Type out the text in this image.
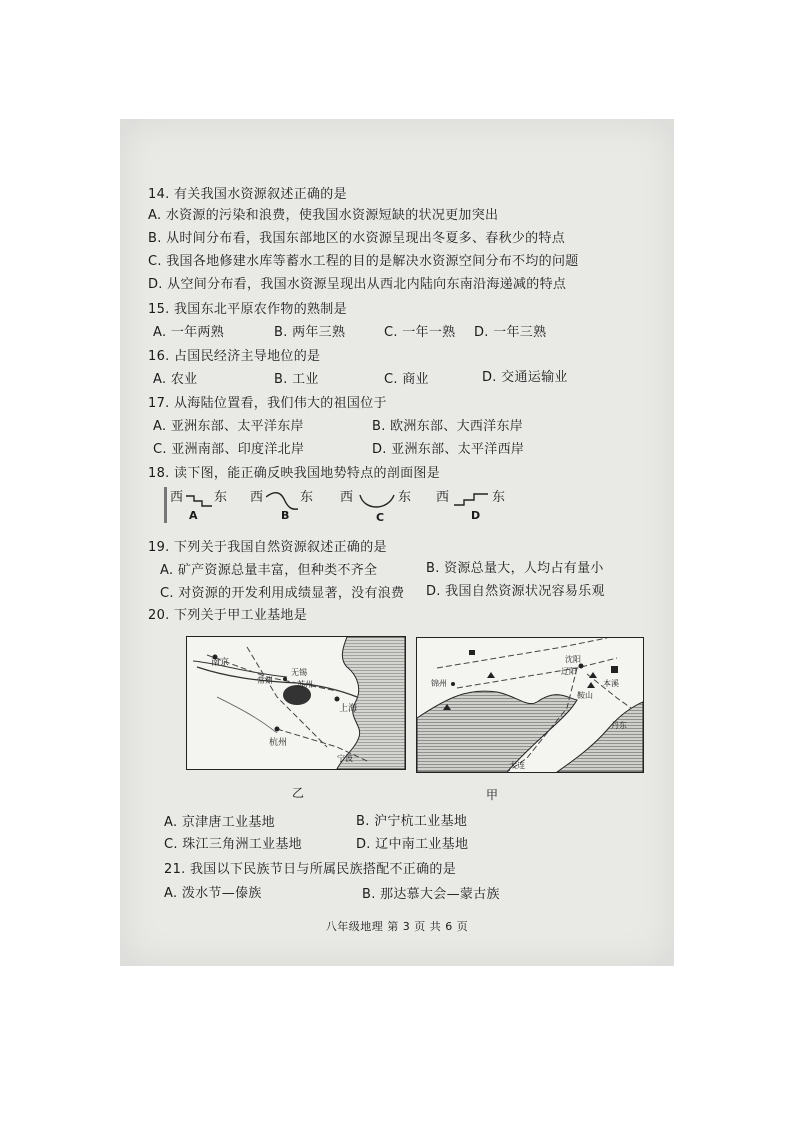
14. 有关我国水资源叙述正确的是
A. 水资源的污染和浪费，使我国水资源短缺的状况更加突出
B. 从时间分布看，我国东部地区的水资源呈现出冬夏多、春秋少的特点
C. 我国各地修建水库等蓄水工程的目的是解决水资源空间分布不均的问题
D. 从空间分布看，我国水资源呈现出从西北内陆向东南沿海递减的特点
15. 我国东北平原农作物的熟制是
A. 一年两熟	B. 两年三熟	C. 一年一熟 D. 一年三熟
16. 占国民经济主导地位的是
A. 农业	B. 工业	C. 商业	D. 交通运输业
17. 从海陆位置看，我们伟大的祖国位于
A. 亚洲东部、太平洋东岸	B. 欧洲东部、大西洋东岸
C. 亚洲南部、印度洋北岸	D. 亚洲东部、太平洋西岸
18. 读下图，能正确反映我国地势特点的剖面图是
西 东
A
西	东
B
西	东
C
西	东
D
19. 下列关于我国自然资源叙述正确的是
A. 矿产资源总量丰富，但种类不齐全	B. 资源总量大，人均占有量小
C. 对资源的开发利用成绩显著，没有浪费 D. 我国自然资源状况容易乐观
20. 下列关于甲工业基地是
南京
常州
无锡
苏州
上海
杭州
宁波
沈阳
辽阳
本溪
鞍山
锦州
丹东
大连
乙	甲
A. 京津唐工业基地	B. 沪宁杭工业基地
C. 珠江三角洲工业基地	D. 辽中南工业基地
21. 我国以下民族节日与所属民族搭配不正确的是
A. 泼水节—傣族	B. 那达慕大会—蒙古族
八年级地理 第 3 页 共 6 页
